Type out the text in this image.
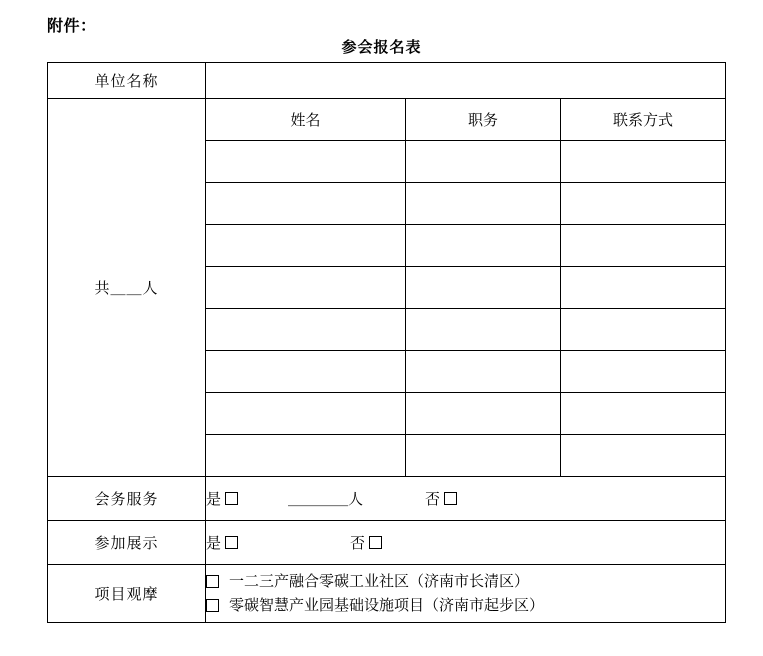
附件：
参会报名表
单位名称			
共＿＿人	姓名	职务	联系方式

会务服务	是 ＿＿＿＿人 否		

参加展示	是 否		

项目观摩	一二三产融合零碳工业社区（济南市长清区）
零碳智慧产业园基础设施项目（济南市起步区）		
